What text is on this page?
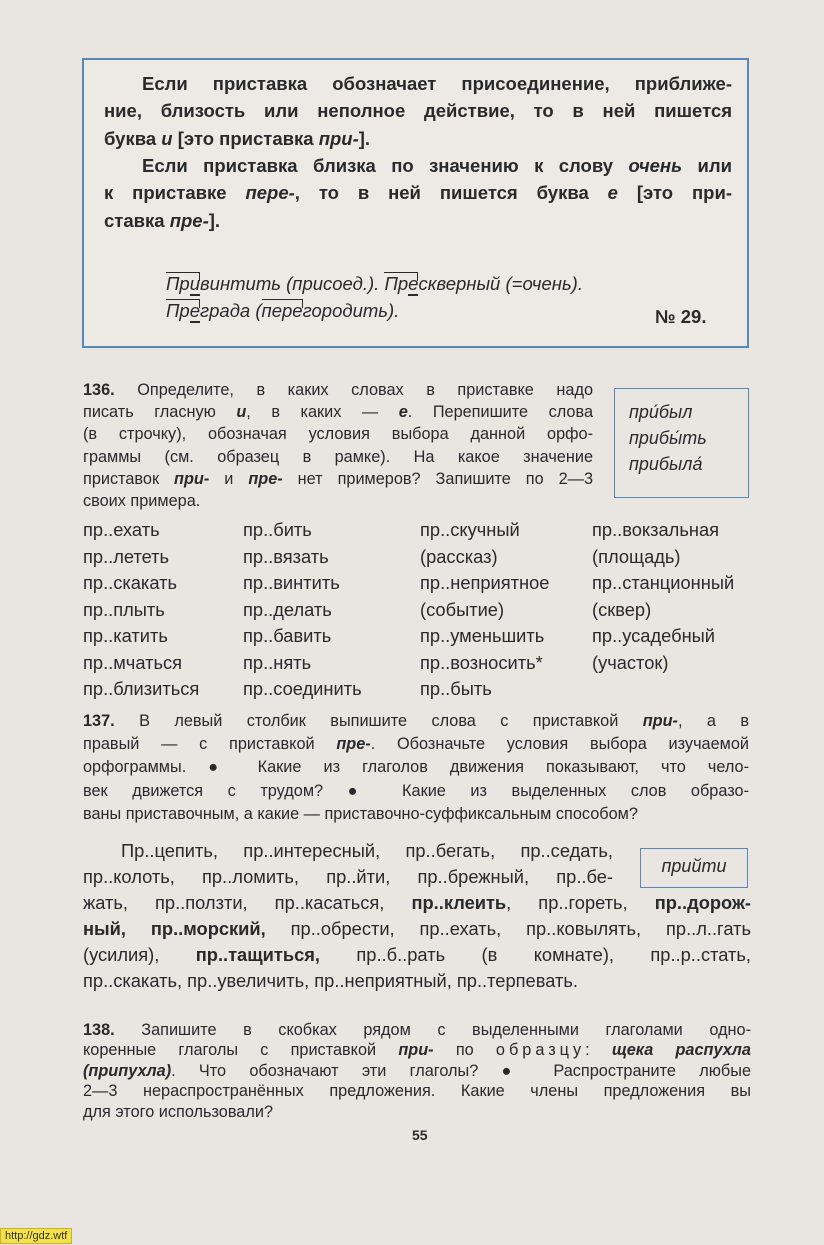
Если приставка обозначает присоединение, приближе-
ние, близость или неполное действие, то в ней пишется
буква и [это приставка при-].
Если приставка близка по значению к слову очень или
к приставке пере-, то в ней пишется буква е [это при-
ставка пре-].
Привинтить (присоед.). Прескверный (=очень).
Преграда (перегородить).	№ 29.
136. Определите, в каких словах в приставке надо
писать гласную и, в каких — е. Перепишите слова
(в строчку), обозначая условия выбора данной орфо-
граммы (см. образец в рамке). На какое значение
приставок при- и пре- нет примеров? Запишите по 2—3
своих примера.
при́был
прибы́ть
прибыла́
пр..ехать
пр..лететь
пр..скакать
пр..плыть
пр..катить
пр..мчаться
пр..близиться
пр..бить
пр..вязать
пр..винтить
пр..делать
пр..бавить
пр..нять
пр..соединить
пр..скучный
(рассказ)
пр..неприятное
(событие)
пр..уменьшить
пр..возносить*
пр..быть
пр..вокзальная
(площадь)
пр..станционный
(сквер)
пр..усадебный
(участок)
137. В левый столбик выпишите слова с приставкой при-, а в
правый — с приставкой пре-. Обозначьте условия выбора изучаемой
орфограммы. ● Какие из глаголов движения показывают, что чело-
век движется с трудом? ● Какие из выделенных слов образо-
ваны приставочным, а какие — приставочно-суффиксальным способом?
Пр..цепить, пр..интересный, пр..бегать, пр..седать,
пр..колоть, пр..ломить, пр..йти, пр..брежный, пр..бе-	прийти
жать, пр..ползти, пр..касаться, пр..клеить, пр..гореть, пр..дорож-
ный, пр..морский, пр..обрести, пр..ехать, пр..ковылять, пр..л..гать
(усилия), пр..тащиться, пр..б..рать (в комнате), пр..р..стать,
пр..скакать, пр..увеличить, пр..неприятный, пр..терпевать.
138. Запишите в скобках рядом с выделенными глаголами одно-
коренные глаголы с приставкой при- по образцу: щека распухла
(припухла). Что обозначают эти глаголы? ● Распространите любые
2—3 нераспространённых предложения. Какие члены предложения вы
для этого использовали?
55
http://gdz.wtf
